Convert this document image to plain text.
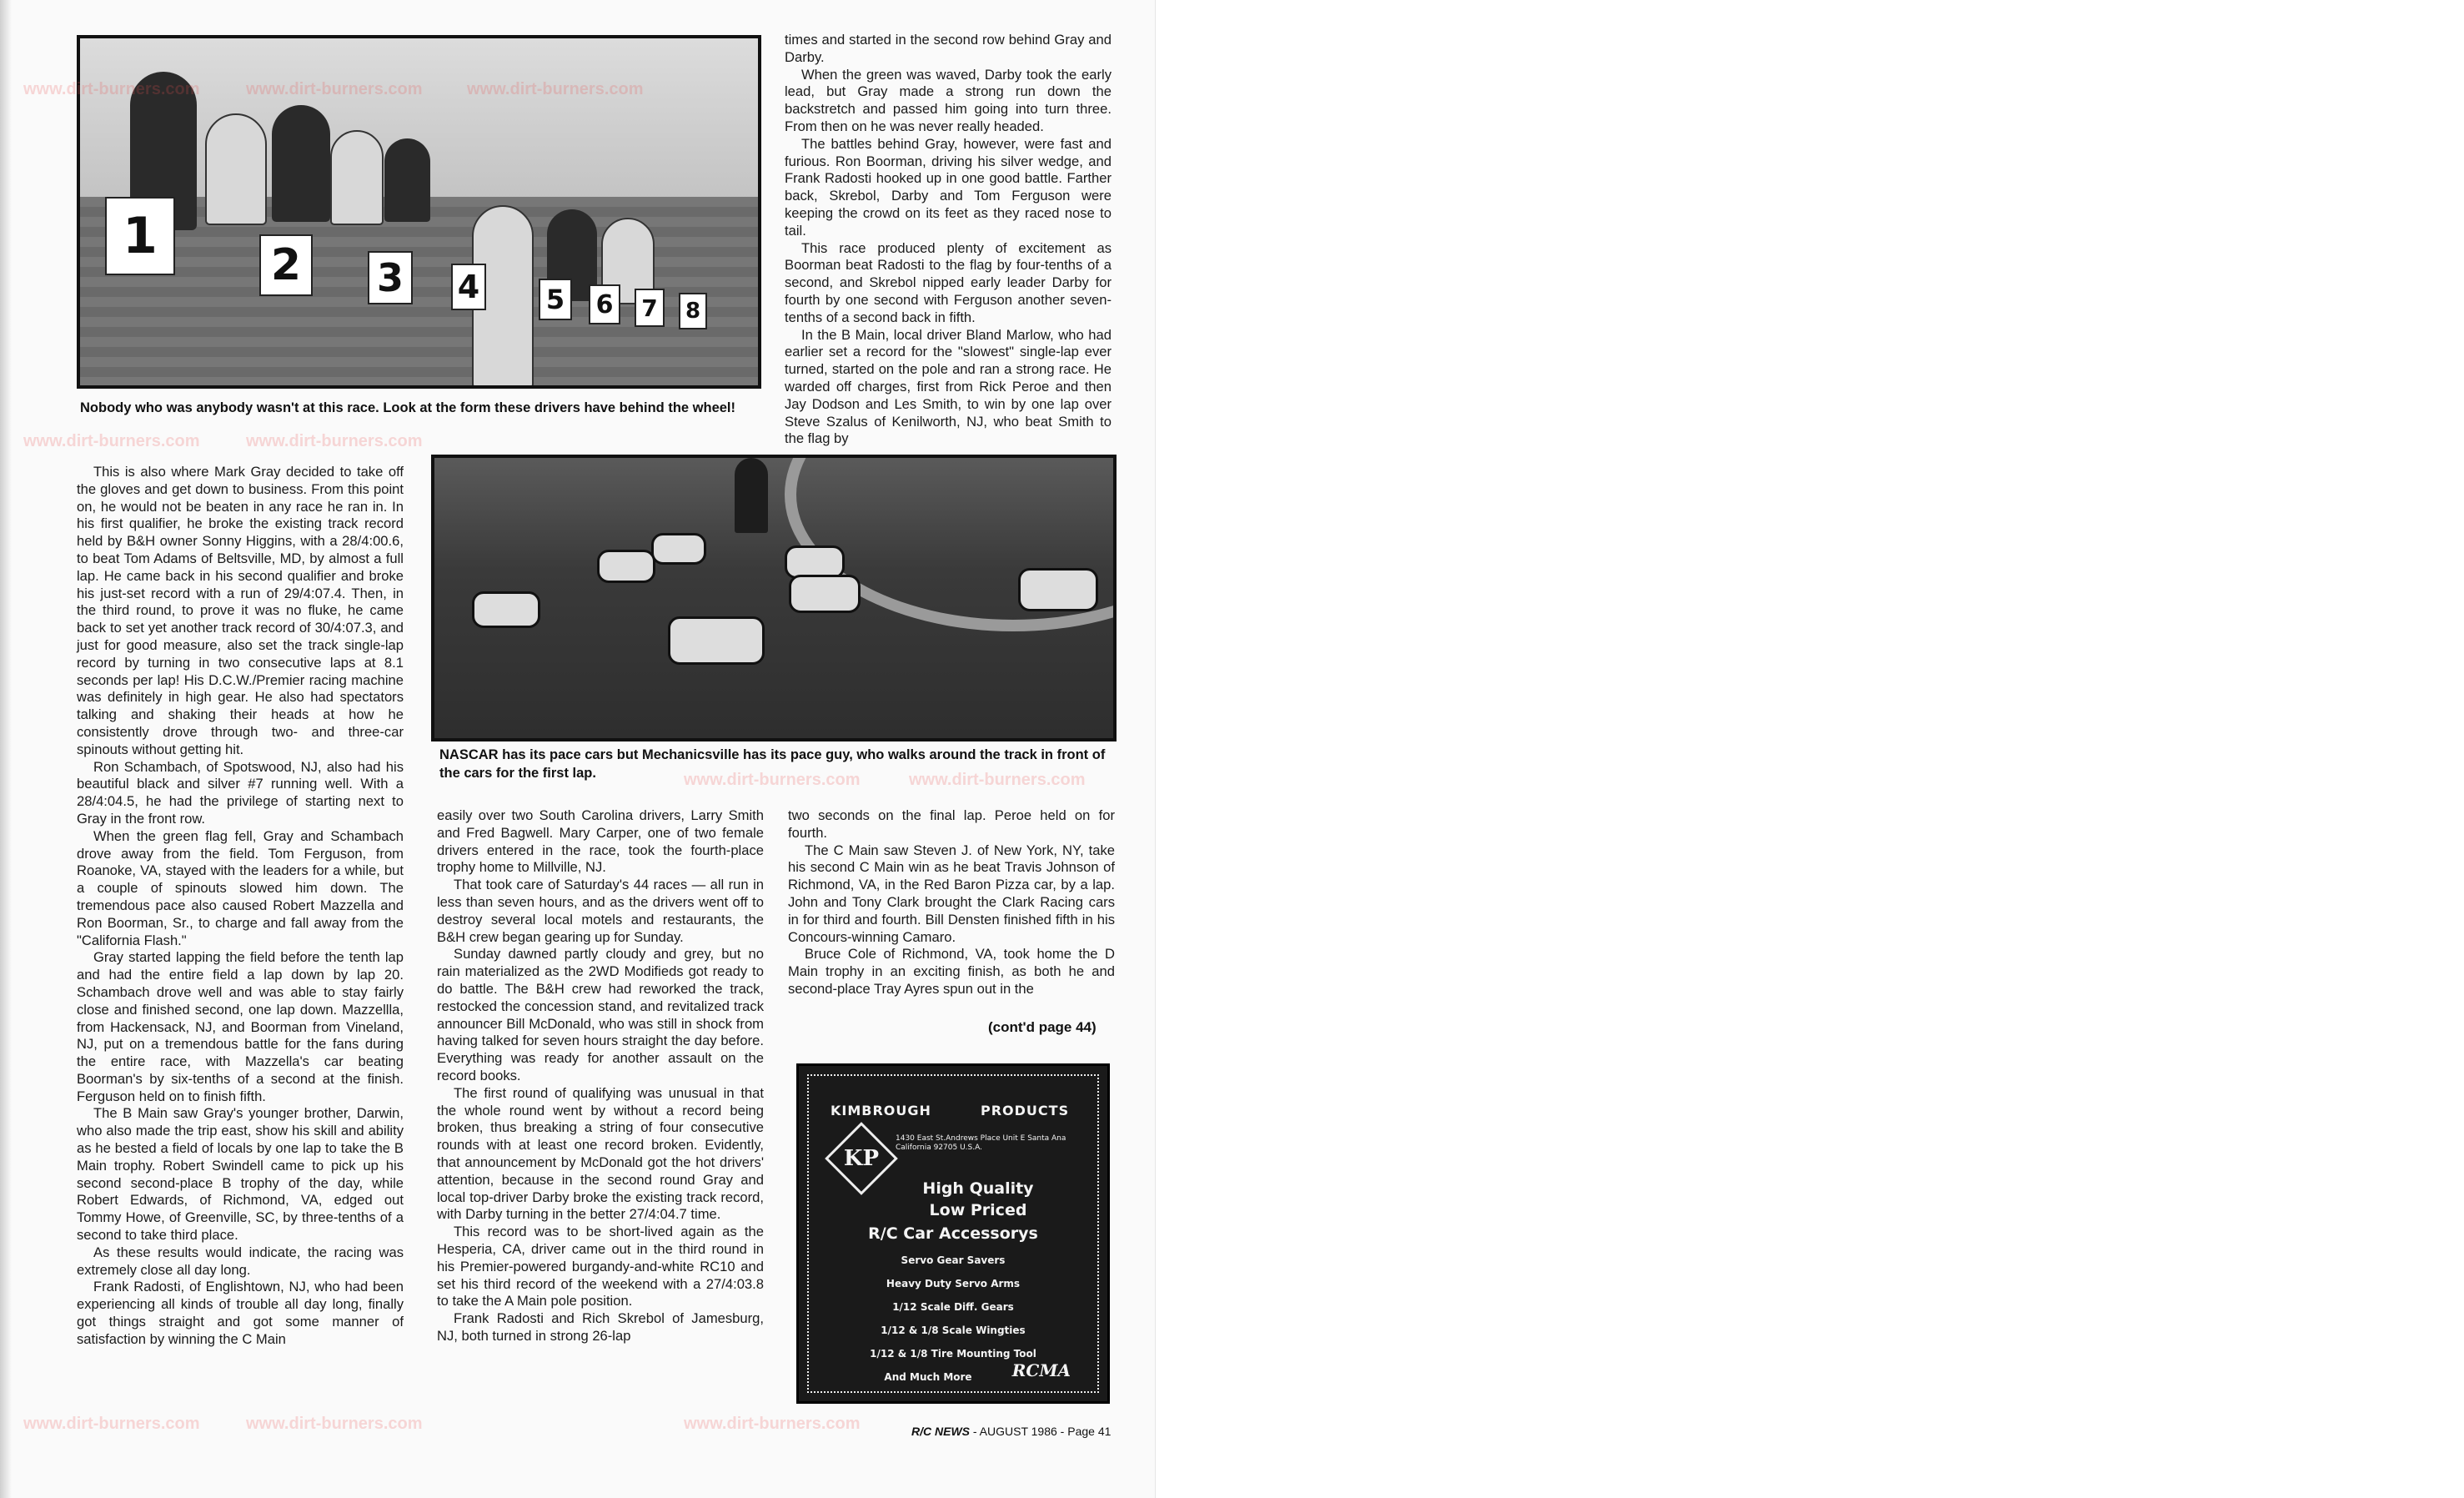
1	2	3 4 5 6	7	8
Nobody who was anybody wasn't at this race. Look at the form these drivers have behind the wheel!
NASCAR has its pace cars but Mechanicsville has its pace guy, who walks around the track in front of the cars for the first lap.

times and started in the second row behind Gray and Darby.

When the green was waved, Darby took the early lead, but Gray made a strong run down the backstretch and passed him going into turn three. From then on he was never really headed.

The battles behind Gray, however, were fast and furious. Ron Boorman, driving his silver wedge, and Frank Radosti hooked up in one good battle. Farther back, Skrebol, Darby and Tom Ferguson were keeping the crowd on its feet as they raced nose to tail.

This race produced plenty of excitement as Boorman beat Radosti to the flag by four-tenths of a second, and Skrebol nipped early leader Darby for fourth by one second with Ferguson another seven-tenths of a second back in fifth.

In the B Main, local driver Bland Marlow, who had earlier set a record for the "slowest" single-lap ever turned, started on the pole and ran a strong race. He warded off charges, first from Rick Peroe and then Jay Dodson and Les Smith, to win by one lap over Steve Szalus of Kenilworth, NJ, who beat Smith to the flag by

This is also where Mark Gray decided to take off the gloves and get down to business. From this point on, he would not be beaten in any race he ran in. In his first qualifier, he broke the existing track record held by B&H owner Sonny Higgins, with a 28/4:00.6, to beat Tom Adams of Beltsville, MD, by almost a full lap. He came back in his second qualifier and broke his just-set record with a run of 29/4:07.4. Then, in the third round, to prove it was no fluke, he came back to set yet another track record of 30/4:07.3, and just for good measure, also set the track single-lap record by turning in two consecutive laps at 8.1 seconds per lap! His D.C.W./Premier racing machine was definitely in high gear. He also had spectators talking and shaking their heads at how he consistently drove through two- and three-car spinouts without getting hit.

Ron Schambach, of Spotswood, NJ, also had his beautiful black and silver #7 running well. With a 28/4:04.5, he had the privilege of starting next to Gray in the front row.

When the green flag fell, Gray and Schambach drove away from the field. Tom Ferguson, from Roanoke, VA, stayed with the leaders for a while, but a couple of spinouts slowed him down. The tremendous pace also caused Robert Mazzella and Ron Boorman, Sr., to charge and fall away from the "California Flash."

Gray started lapping the field before the tenth lap and had the entire field a lap down by lap 20. Schambach drove well and was able to stay fairly close and finished second, one lap down. Mazzellla, from Hackensack, NJ, and Boorman from Vineland, NJ, put on a tremendous battle for the fans during the entire race, with Mazzella's car beating Boorman's by six-tenths of a second at the finish. Ferguson held on to finish fifth.

The B Main saw Gray's younger brother, Darwin, who also made the trip east, show his skill and ability as he bested a field of locals by one lap to take the B Main trophy. Robert Swindell came to pick up his second second-place B trophy of the day, while Robert Edwards, of Richmond, VA, edged out Tommy Howe, of Greenville, SC, by three-tenths of a second to take third place.

As these results would indicate, the racing was extremely close all day long.

Frank Radosti, of Englishtown, NJ, who had been experiencing all kinds of trouble all day long, finally got things straight and got some manner of satisfaction by winning the C Main

easily over two South Carolina drivers, Larry Smith and Fred Bagwell. Mary Carper, one of two female drivers entered in the race, took the fourth-place trophy home to Millville, NJ.

That took care of Saturday's 44 races — all run in less than seven hours, and as the drivers went off to destroy several local motels and restaurants, the B&H crew began gearing up for Sunday.

Sunday dawned partly cloudy and grey, but no rain materialized as the 2WD Modifieds got ready to do battle. The B&H crew had reworked the track, restocked the concession stand, and revitalized track announcer Bill McDonald, who was still in shock from having talked for seven hours straight the day before. Everything was ready for another assault on the record books.

The first round of qualifying was unusual in that the whole round went by without a record being broken, thus breaking a string of four consecutive rounds with at least one record broken. Evidently, that announcement by McDonald got the hot drivers' attention, because in the second round Gray and local top-driver Darby broke the existing track record, with Darby turning in the better 27/4:04.7 time.

This record was to be short-lived again as the Hesperia, CA, driver came out in the third round in his Premier-powered burgandy-and-white RC10 and set his third record of the weekend with a 27/4:03.8 to take the A Main pole position.

Frank Radosti and Rich Skrebol of Jamesburg, NJ, both turned in strong 26-lap

two seconds on the final lap. Peroe held on for fourth.

The C Main saw Steven J. of New York, NY, take his second C Main win as he beat Travis Johnson of Richmond, VA, in the Red Baron Pizza car, by a lap. John and Tony Clark brought the Clark Racing cars in for third and fourth. Bill Densten finished fifth in his Concours-winning Camaro.

Bruce Cole of Richmond, VA, took home the D Main trophy in an exciting finish, as both he and second-place Tray Ayres spun out in the

(cont'd page 44)
KIMBROUGH	PRODUCTS
KP
1430 East St.Andrews Place Unit E Santa Ana California 92705 U.S.A.
High Quality
Low Priced
R/C Car Accessorys
Servo Gear Savers
Heavy Duty Servo Arms
1/12 Scale Diff. Gears
1/12 & 1/8 Scale Wingties
1/12 & 1/8 Tire Mounting Tool
And Much More	RCMA
R/C NEWS - AUGUST 1986 - Page 41
www.dirt-burners.com	www.dirt-burners.com	www.dirt-burners.com
www.dirt-burners.com	www.dirt-burners.com
www.dirt-burners.com	www.dirt-burners.com
www.dirt-burners.com	www.dirt-burners.com	www.dirt-burners.com
